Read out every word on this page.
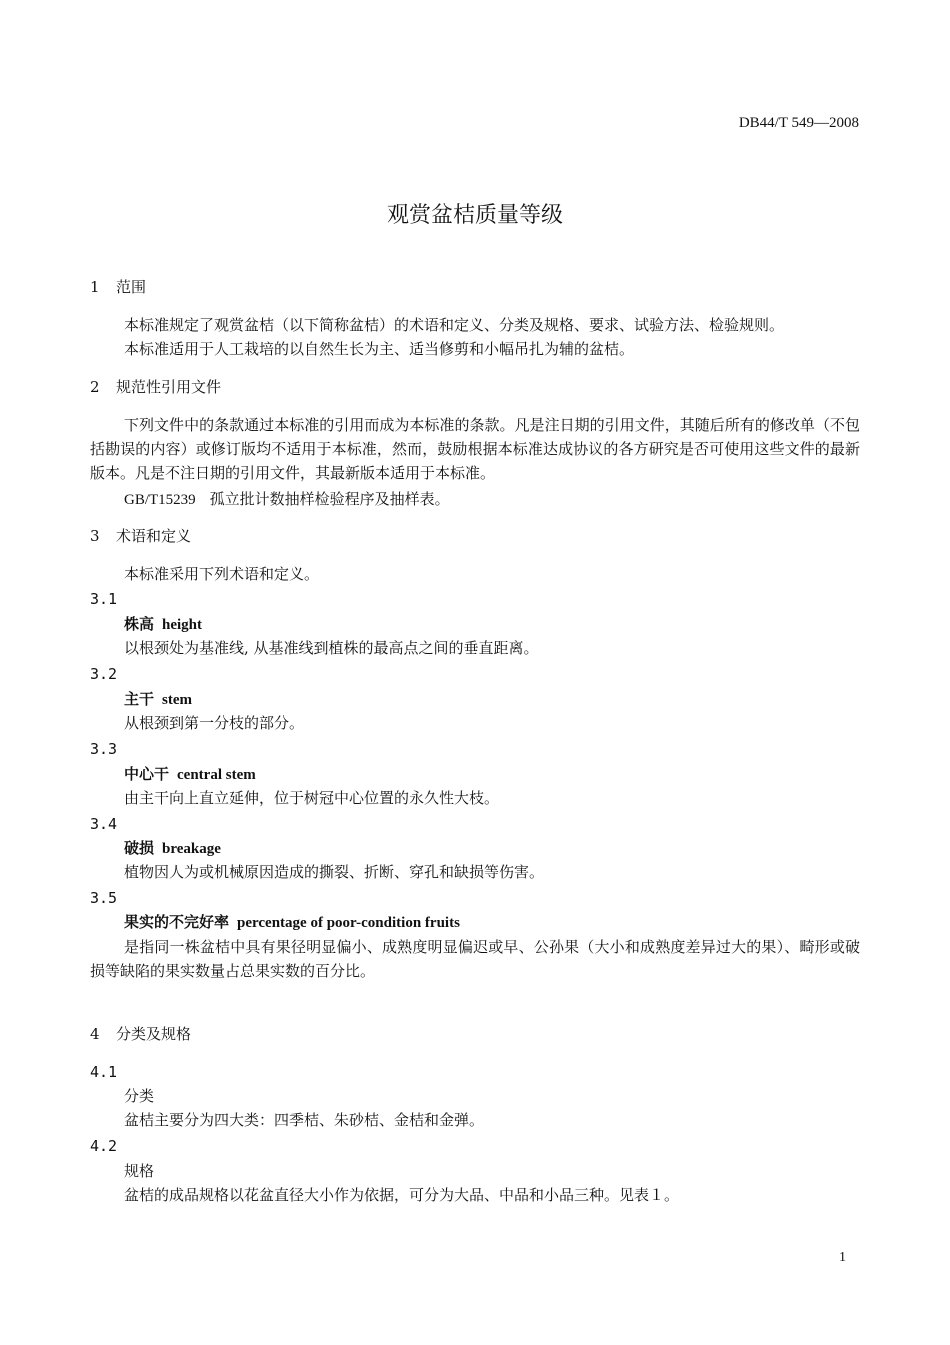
DB44/T 549—2008
观赏盆桔质量等级
1 范围
本标准规定了观赏盆桔（以下简称盆桔）的术语和定义、分类及规格、要求、试验方法、检验规则。
本标准适用于人工栽培的以自然生长为主、适当修剪和小幅吊扎为辅的盆桔。
2 规范性引用文件
下列文件中的条款通过本标准的引用而成为本标准的条款。凡是注日期的引用文件，其随后所有的修改单（不包括勘误的内容）或修订版均不适用于本标准，然而，鼓励根据本标准达成协议的各方研究是否可使用这些文件的最新版本。凡是不注日期的引用文件，其最新版本适用于本标准。
GB/T15239 孤立批计数抽样检验程序及抽样表。
3 术语和定义
本标准采用下列术语和定义。
3.1
株高 height
以根颈处为基准线, 从基准线到植株的最高点之间的垂直距离。
3.2
主干 stem
从根颈到第一分枝的部分。
3.3
中心干 central stem
由主干向上直立延伸，位于树冠中心位置的永久性大枝。
3.4
破损 breakage
植物因人为或机械原因造成的撕裂、折断、穿孔和缺损等伤害。
3.5
果实的不完好率 percentage of poor-condition fruits
是指同一株盆桔中具有果径明显偏小、成熟度明显偏迟或早、公孙果（大小和成熟度差异过大的果）、畸形或破损等缺陷的果实数量占总果实数的百分比。
4 分类及规格
4.1
分类
盆桔主要分为四大类：四季桔、朱砂桔、金桔和金弹。
4.2
规格
盆桔的成品规格以花盆直径大小作为依据，可分为大品、中品和小品三种。见表１。
1
